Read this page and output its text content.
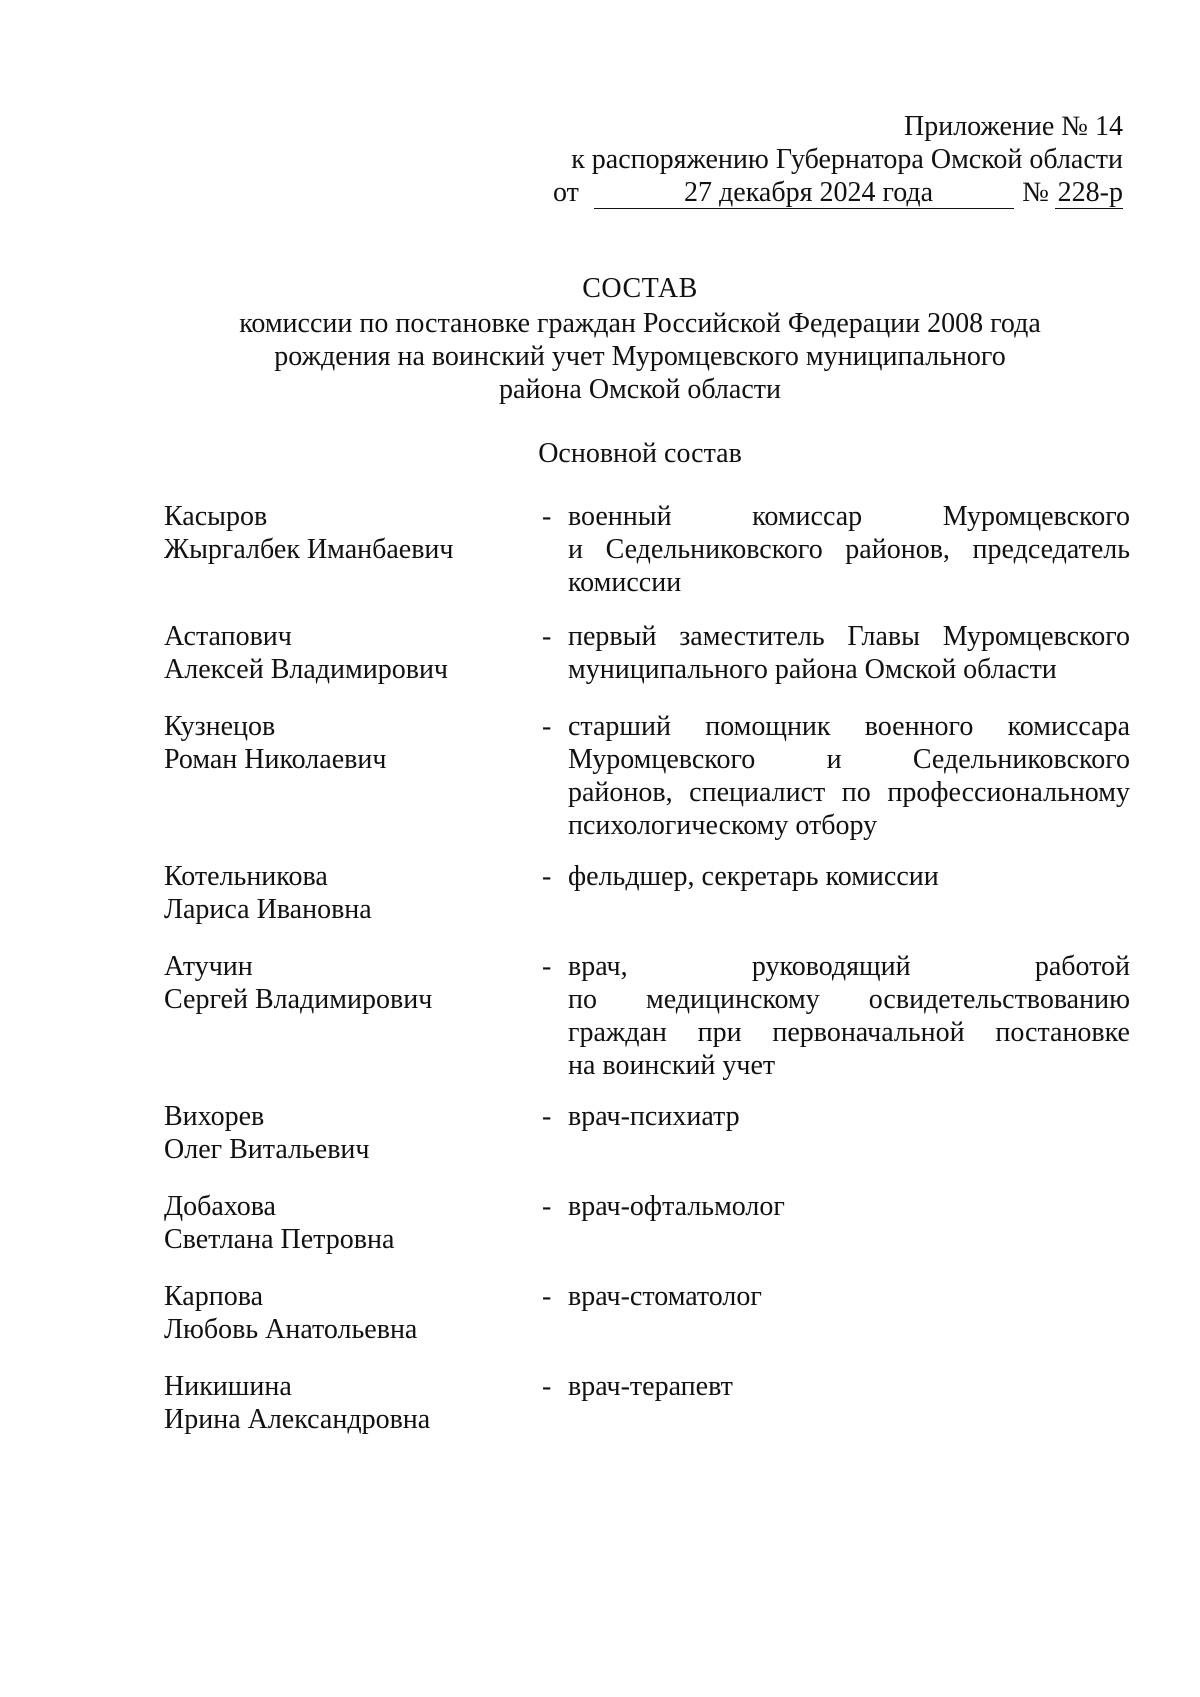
Приложение № 14
к распоряжению Губернатора Омской области
от	27 декабря 2024 года	№ 228-р
СОСТАВ
комиссии по постановке граждан Российской Федерации 2008 года
рождения на воинский учет Муромцевского муниципального
района Омской области
Основной состав
Касыров
Жыргалбек Иманбаевич
- военный комиссар Муромцевского
и Седельниковского районов, председатель
комиссии
Астапович
Алексей Владимирович
- первый заместитель Главы Муромцевского
муниципального района Омской области
Кузнецов
Роман Николаевич
- старший помощник военного комиссара
Муромцевского и Седельниковского
районов, специалист по профессиональному
психологическому отбору
Котельникова
Лариса Ивановна
- фельдшер, секретарь комиссии
Атучин
Сергей Владимирович
- врач, руководящий работой
по медицинскому освидетельствованию
граждан при первоначальной постановке
на воинский учет
Вихорев
Олег Витальевич
- врач-психиатр
Добахова
Светлана Петровна
- врач-офтальмолог
Карпова
Любовь Анатольевна
- врач-стоматолог
Никишина
Ирина Александровна
- врач-терапевт
